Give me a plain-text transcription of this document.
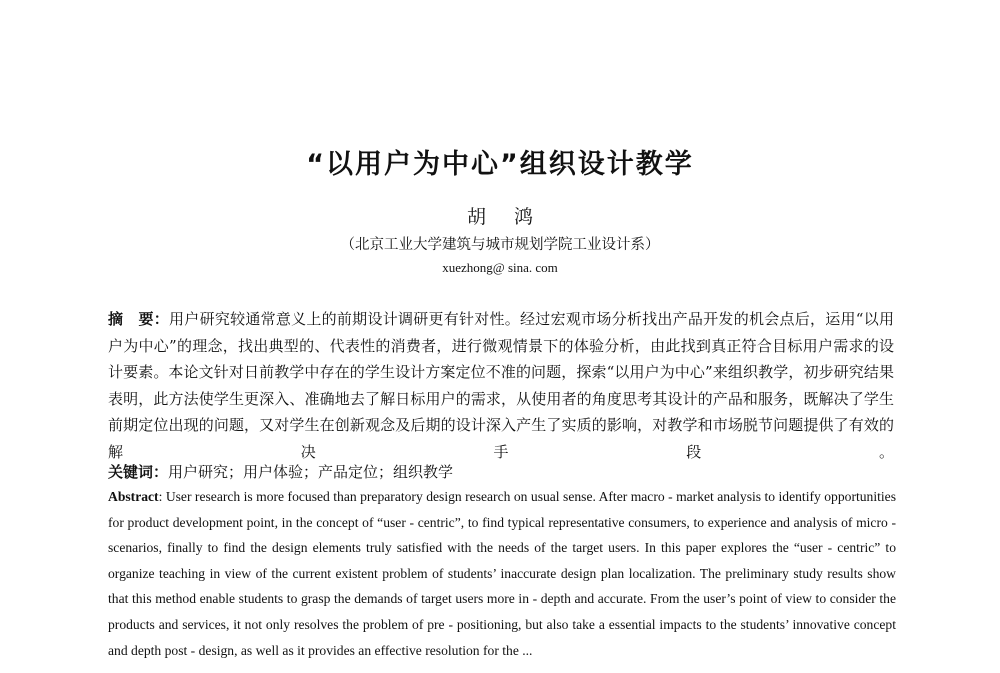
“以用户为中心”组织设计教学
胡鸿
（北京工业大学建筑与城市规划学院工业设计系）
xuezhong@ sina. com
摘　要：用户研究较通常意义上的前期设计调研更有针对性。经过宏观市场分析找出产品开发的机会点后，运用“以用户为中心”的理念，找出典型的、代表性的消费者，进行微观情景下的体验分析，由此找到真正符合目标用户需求的设计要素。本论文针对日前教学中存在的学生设计方案定位不准的问题，探索“以用户为中心”来组织教学，初步研究结果表明，此方法使学生更深入、准确地去了解日标用户的需求，从使用者的角度思考其设计的产品和服务，既解决了学生前期定位出现的问题，又对学生在创新观念及后期的设计深入产生了实质的影响，对教学和市场脱节问题提供了有效的解决手段。
关键词：用户研究；用户体验；产品定位；组织教学
Abstract: User research is more focused than preparatory design research on usual sense. After macro - market analysis to identify opportunities for product development point, in the concept of “user - centric”, to find typical representative consumers, to experience and analysis of micro - scenarios, finally to find the design elements truly satisfied with the needs of the target users. In this paper explores the “user - centric” to organize teaching in view of the current existent problem of students’ inaccurate design plan localization. The preliminary study results show that this method enable students to grasp the demands of target users more in - depth and accurate. From the user’s point of view to consider the products and services, it not only resolves the problem of pre - positioning, but also take a essential impacts to the students’ innovative concept and depth post - design, as well as it provides an effective resolution for the ...
